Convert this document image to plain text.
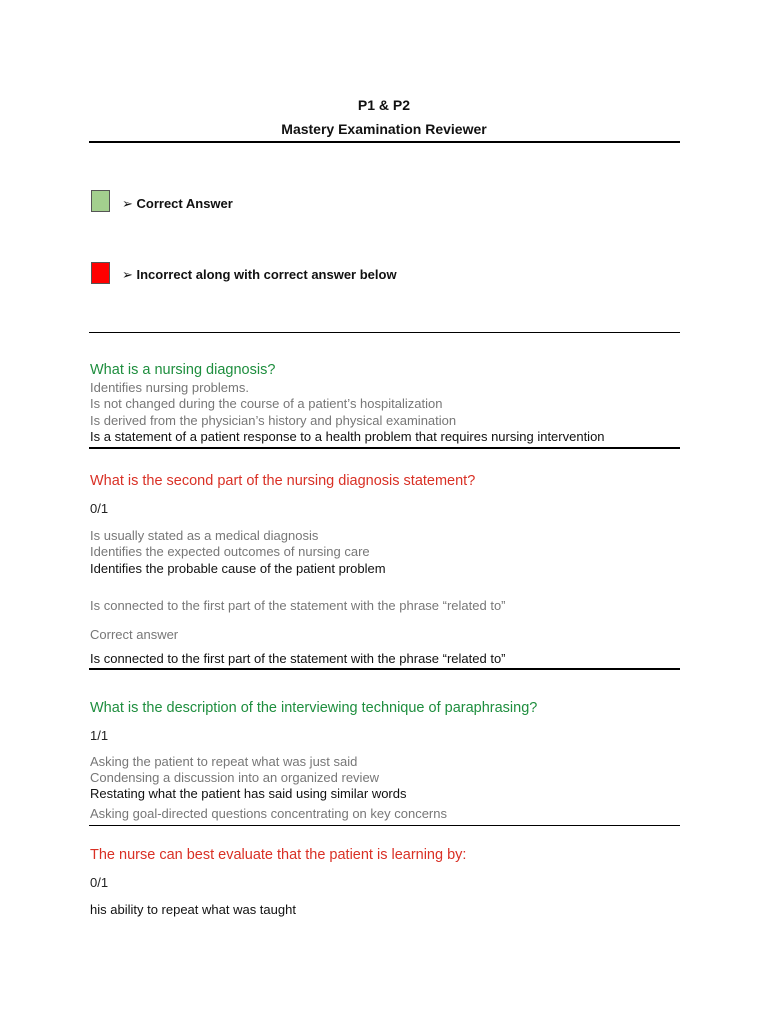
P1 & P2
Mastery Examination Reviewer
➢ Correct Answer
➢ Incorrect along with correct answer below
What is a nursing diagnosis?
Identifies nursing problems.
Is not changed during the course of a patient’s hospitalization
Is derived from the physician’s history and physical examination
Is a statement of a patient response to a health problem that requires nursing intervention
What is the second part of the nursing diagnosis statement?
0/1
Is usually stated as a medical diagnosis
Identifies the expected outcomes of nursing care
Identifies the probable cause of the patient problem
Is connected to the first part of the statement with the phrase “related to”
Correct answer
Is connected to the first part of the statement with the phrase “related to”
What is the description of the interviewing technique of paraphrasing?
1/1
Asking the patient to repeat what was just said
Condensing a discussion into an organized review
Restating what the patient has said using similar words
Asking goal-directed questions concentrating on key concerns
The nurse can best evaluate that the patient is learning by:
0/1
his ability to repeat what was taught
